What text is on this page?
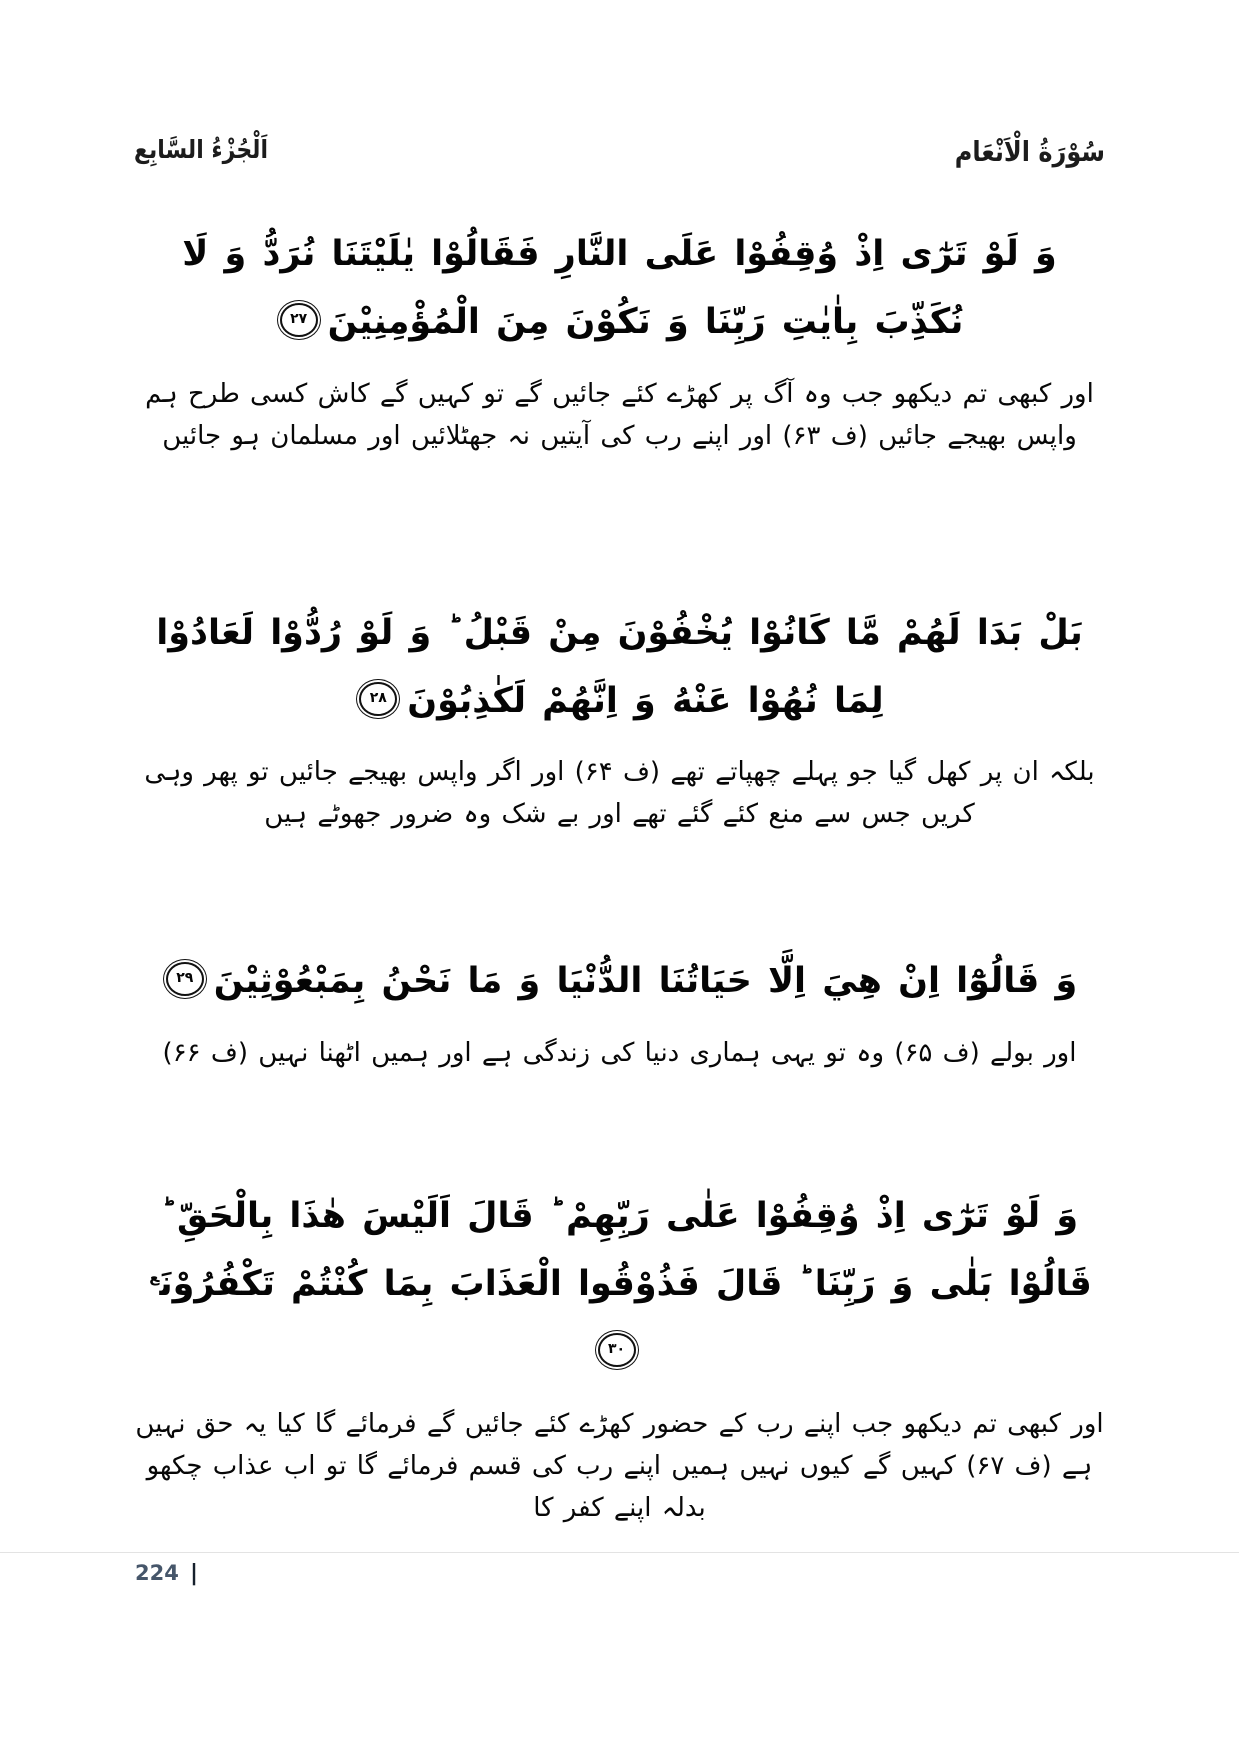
سُوْرَةُ الْاَنْعَام
اَلْجُزْءُ السَّابِع
وَ لَوْ تَرٰٓى اِذْ وُقِفُوْا عَلَى النَّارِ فَقَالُوْا يٰلَيْتَنَا نُرَدُّ وَ لَا نُكَذِّبَ بِاٰيٰتِ رَبِّنَا وَ نَكُوْنَ مِنَ الْمُؤْمِنِيْنَ۲۷
اور کبھی تم دیکھو جب وہ آگ پر کھڑے کئے جائیں گے تو کہیں گے کاش کسی طرح ہم واپس بھیجے جائیں (ف ۶۳) اور اپنے رب کی آیتیں نہ جھٹلائیں اور مسلمان ہو جائیں
بَلْ بَدَا لَهُمْ مَّا كَانُوْا يُخْفُوْنَ مِنْ قَبْلُ ؕ وَ لَوْ رُدُّوْا لَعَادُوْا لِمَا نُهُوْا عَنْهُ وَ اِنَّهُمْ لَكٰذِبُوْنَ۲۸
بلکہ ان پر کھل گیا جو پہلے چھپاتے تھے (ف ۶۴) اور اگر واپس بھیجے جائیں تو پھر وہی کریں جس سے منع کئے گئے تھے اور بے شک وہ ضرور جھوٹے ہیں
وَ قَالُوْٓا اِنْ هِيَ اِلَّا حَيَاتُنَا الدُّنْيَا وَ مَا نَحْنُ بِمَبْعُوْثِيْنَ۲۹
اور بولے (ف ۶۵) وہ تو یہی ہماری دنیا کی زندگی ہے اور ہمیں اٹھنا نہیں (ف ۶۶)
وَ لَوْ تَرٰٓى اِذْ وُقِفُوْا عَلٰى رَبِّهِمْ ؕ قَالَ اَلَيْسَ هٰذَا بِالْحَقِّ ؕ قَالُوْا بَلٰى وَ رَبِّنَا ؕ قَالَ فَذُوْقُوا الْعَذَابَ بِمَا كُنْتُمْ تَكْفُرُوْنَ$^ع$۳۰
اور کبھی تم دیکھو جب اپنے رب کے حضور کھڑے کئے جائیں گے فرمائے گا کیا یہ حق نہیں ہے (ف ۶۷) کہیں گے کیوں نہیں ہمیں اپنے رب کی قسم فرمائے گا تو اب عذاب چکھو بدلہ اپنے کفر کا
224 |
